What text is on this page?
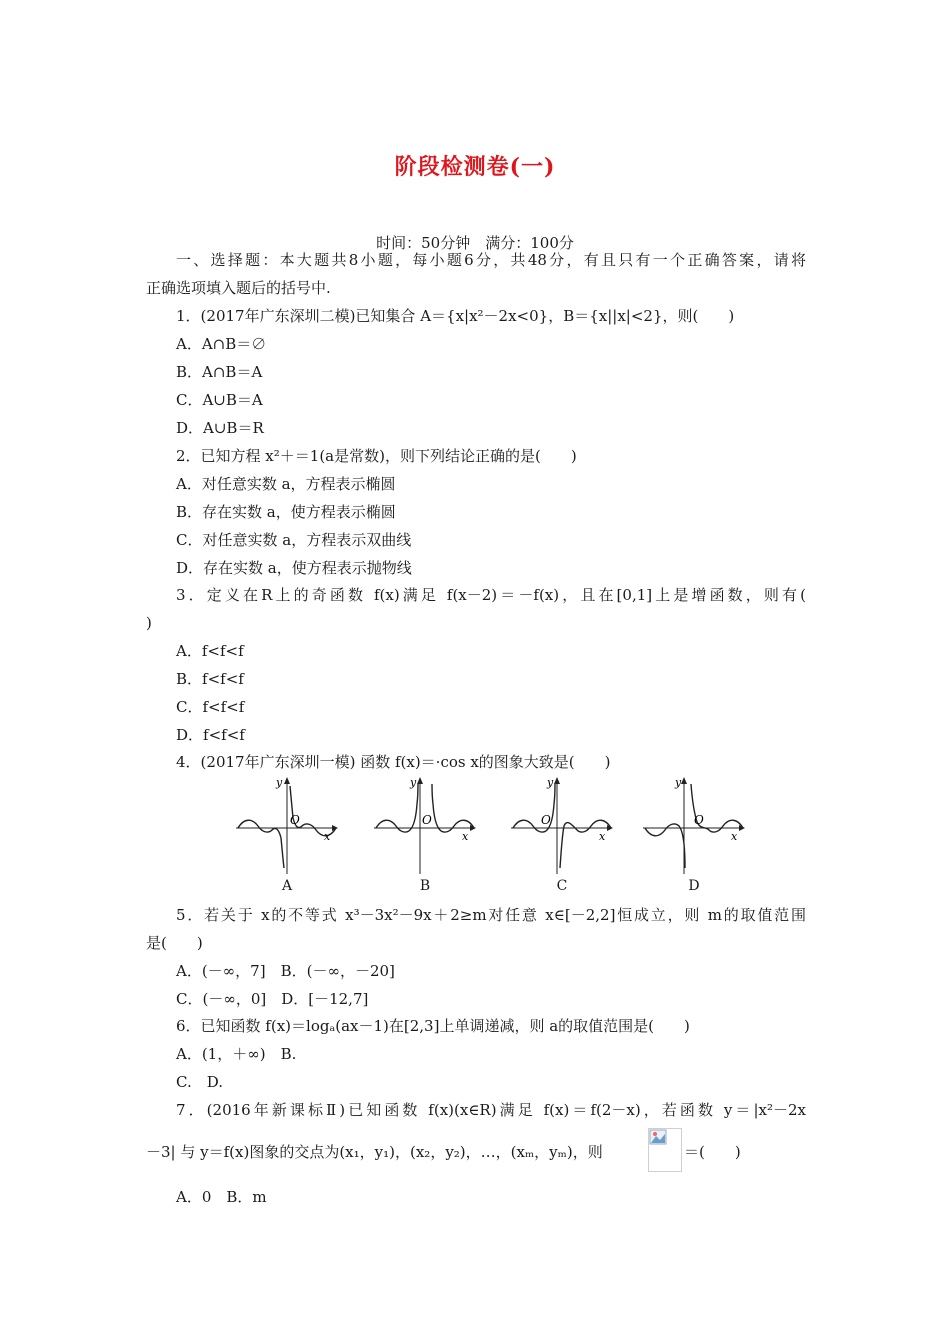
阶段检测卷(一)
时间：50分钟　满分：100分
一、选择题：本大题共8小题，每小题6分，共48分，有且只有一个正确答案，请将
正确选项填入题后的括号中.
1．(2017年广东深圳二模)已知集合 A＝{x|x²－2x<0}，B＝{x||x|<2}，则(　　)
A．A∩B＝∅
B．A∩B＝A
C．A∪B＝A
D．A∪B＝R
2．已知方程 x²＋＝1(a是常数)，则下列结论正确的是(　　)
A．对任意实数 a，方程表示椭圆
B．存在实数 a，使方程表示椭圆
C．对任意实数 a，方程表示双曲线
D．存在实数 a，使方程表示抛物线
3．定义在R上的奇函数 f(x)满足 f(x－2)＝－f(x)，且在[0,1]上是增函数，则有(
)
A．f<f<f
B．f<f<f
C．f<f<f
D．f<f<f
4．(2017年广东深圳一模) 函数 f(x)＝·cos x的图象大致是(　　)
y
x
O
A
y
x
O
B
y
x
O
C
y
x
O
D
5．若关于 x的不等式 x³－3x²－9x＋2≥m对任意 x∈[－2,2]恒成立，则 m的取值范围
是(　　)
A．(－∞，7]　B．(－∞，－20]
C．(－∞，0]　D．[－12,7]
6．已知函数 f(x)＝logₐ(ax－1)在[2,3]上单调递减，则 a的取值范围是(　　)
A．(1，＋∞)　B.
C.　D.
7．(2016年新课标Ⅱ)已知函数 f(x)(x∈R)满足 f(x)＝f(2－x)，若函数 y＝|x²－2x
－3| 与 y＝f(x)图象的交点为(x₁，y₁)，(x₂，y₂)，…，(xₘ，yₘ)，则	＝(　　)
A．0　B．m
